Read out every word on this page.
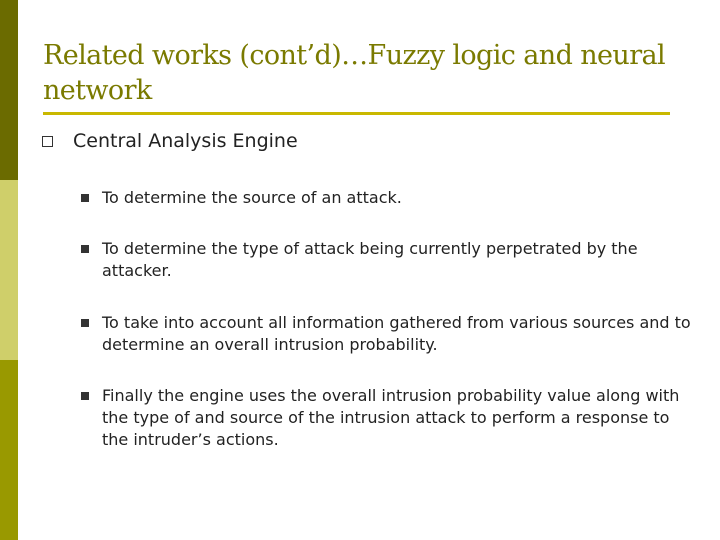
Related works (cont’d)…Fuzzy logic and neural network
Central Analysis Engine
To determine the source of an attack.
To determine the type of attack being currently perpetrated by the attacker.
To take into account all information gathered from various sources and to determine an overall intrusion probability.
Finally the engine uses the overall intrusion probability value along with the type of and source of the intrusion attack to perform a response to the intruder’s actions.
